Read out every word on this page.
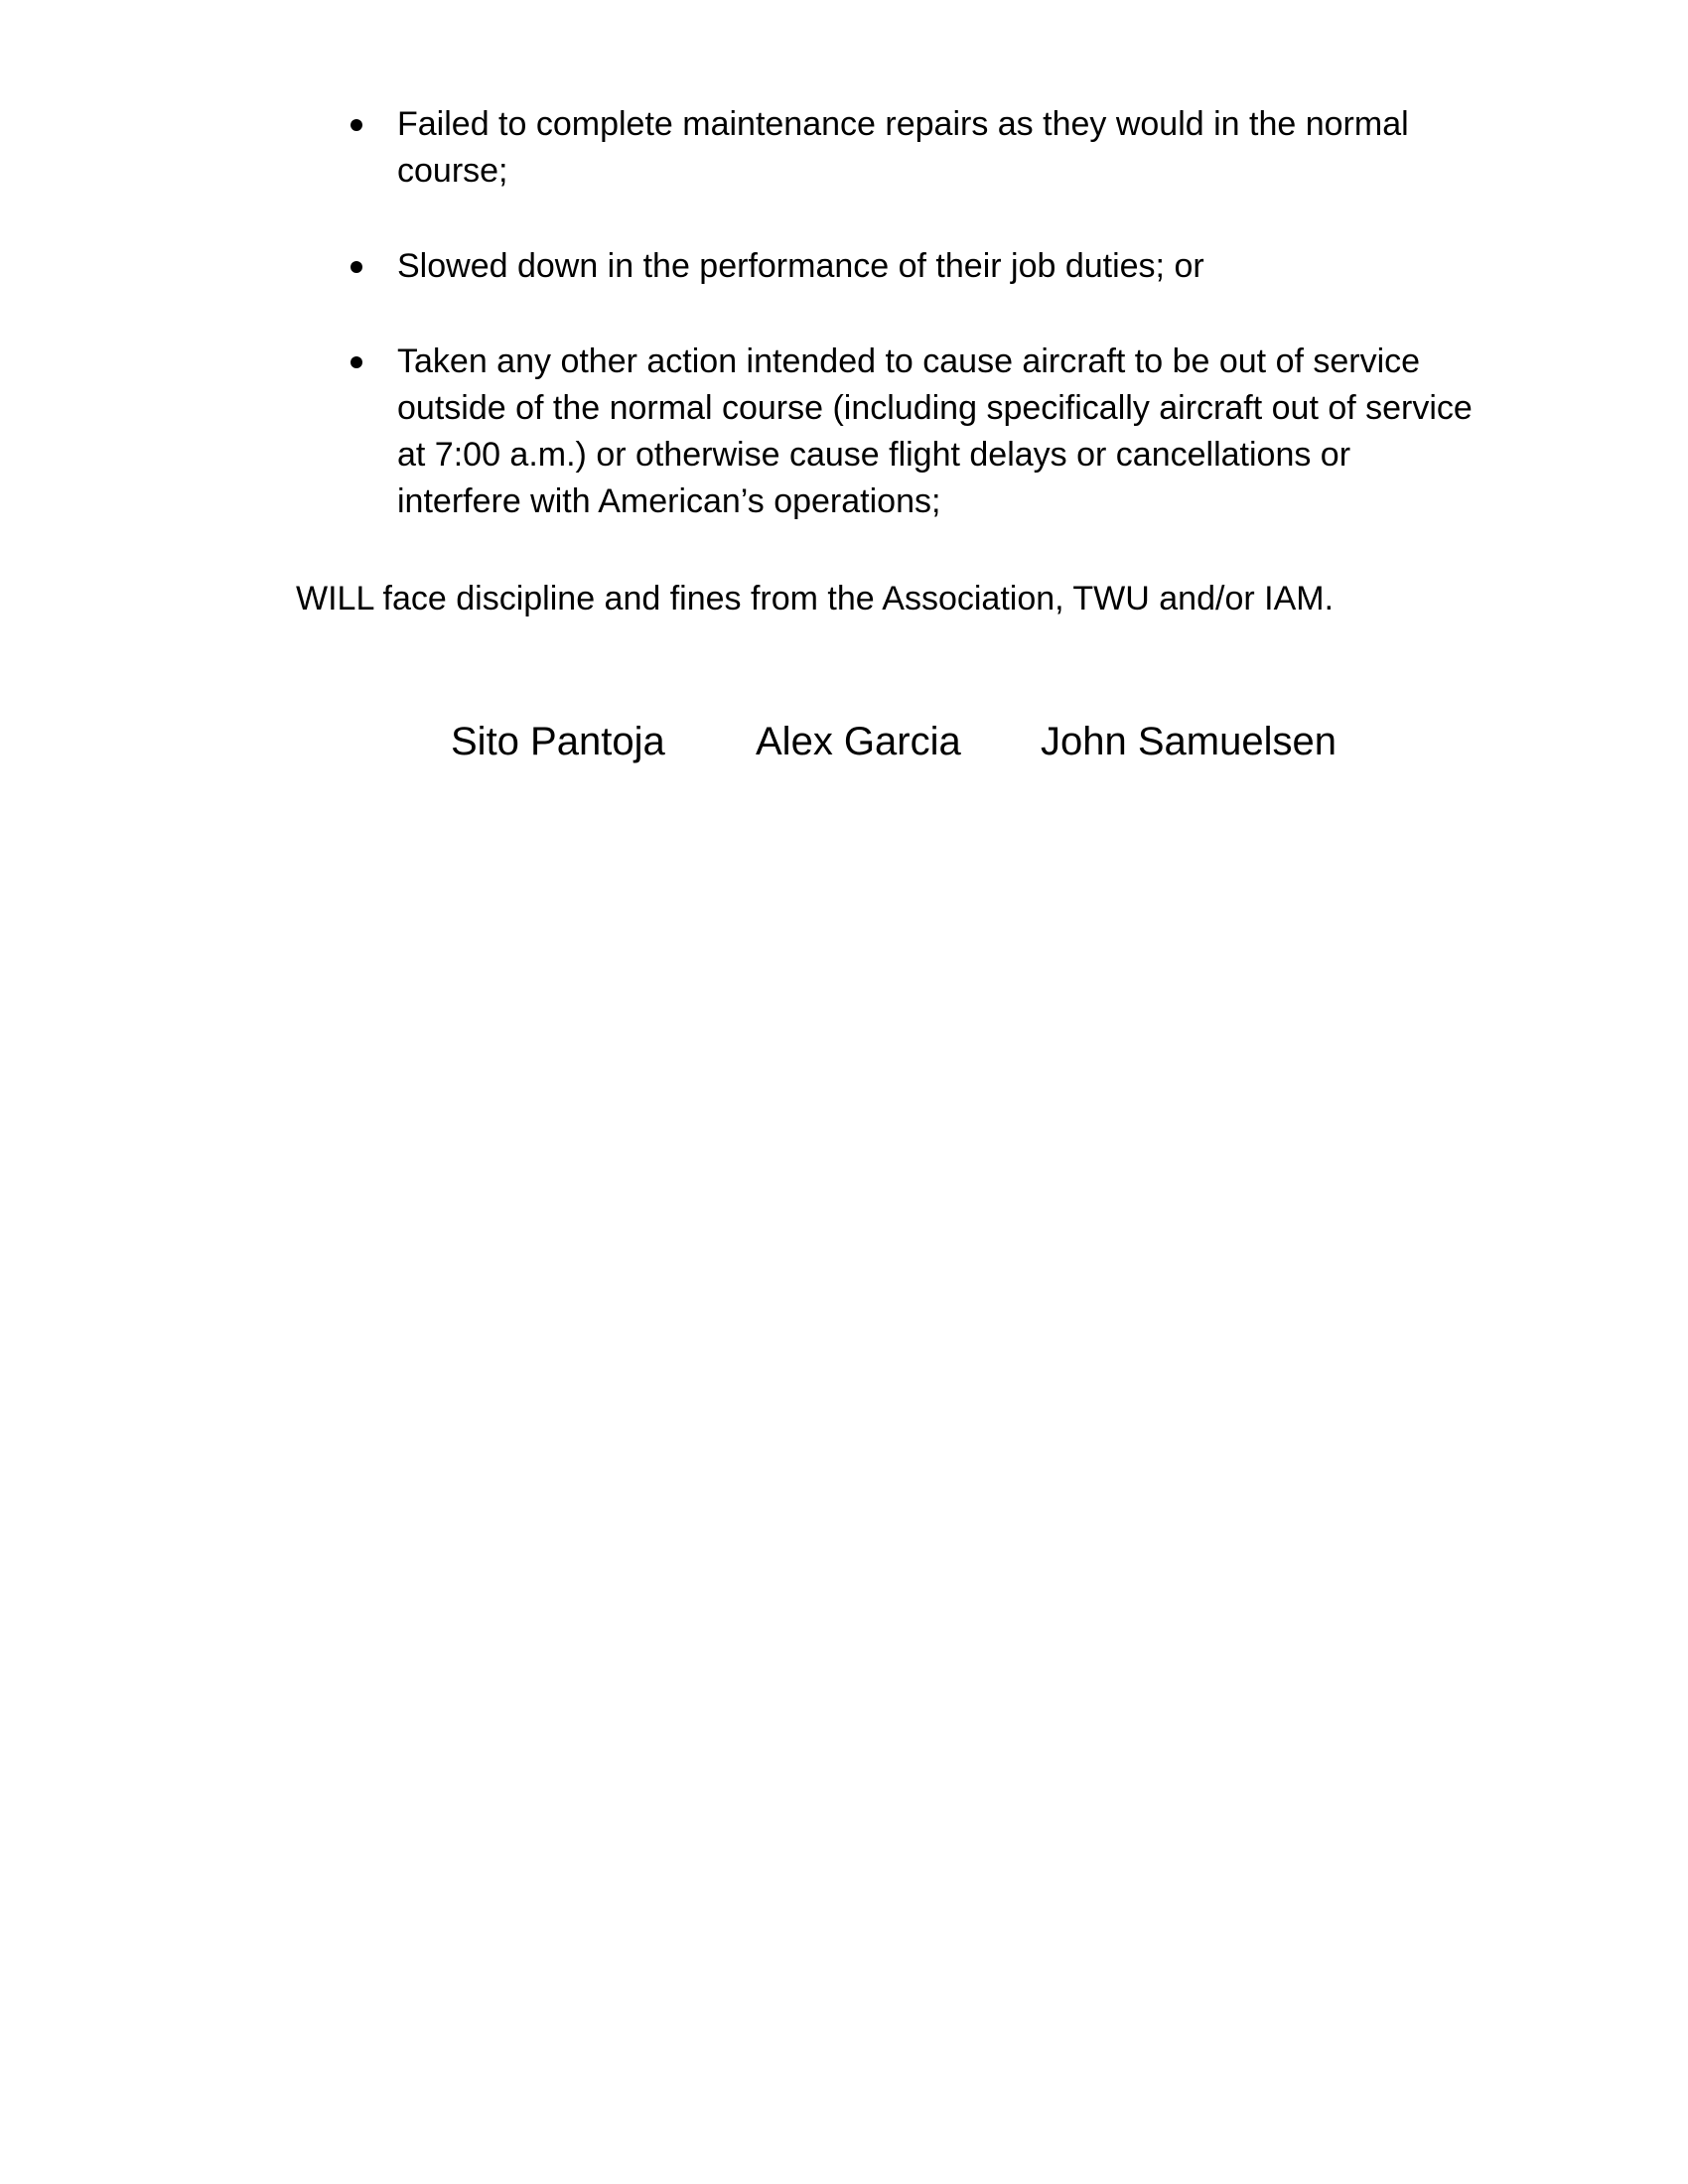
Failed to complete maintenance repairs as they would in the normal course;
Slowed down in the performance of their job duties; or
Taken any other action intended to cause aircraft to be out of service outside of the normal course (including specifically aircraft out of service at 7:00 a.m.) or otherwise cause flight delays or cancellations or interfere with American’s operations;
WILL face discipline and fines from the Association, TWU and/or IAM.
Sito Pantoja Alex Garcia John Samuelsen
